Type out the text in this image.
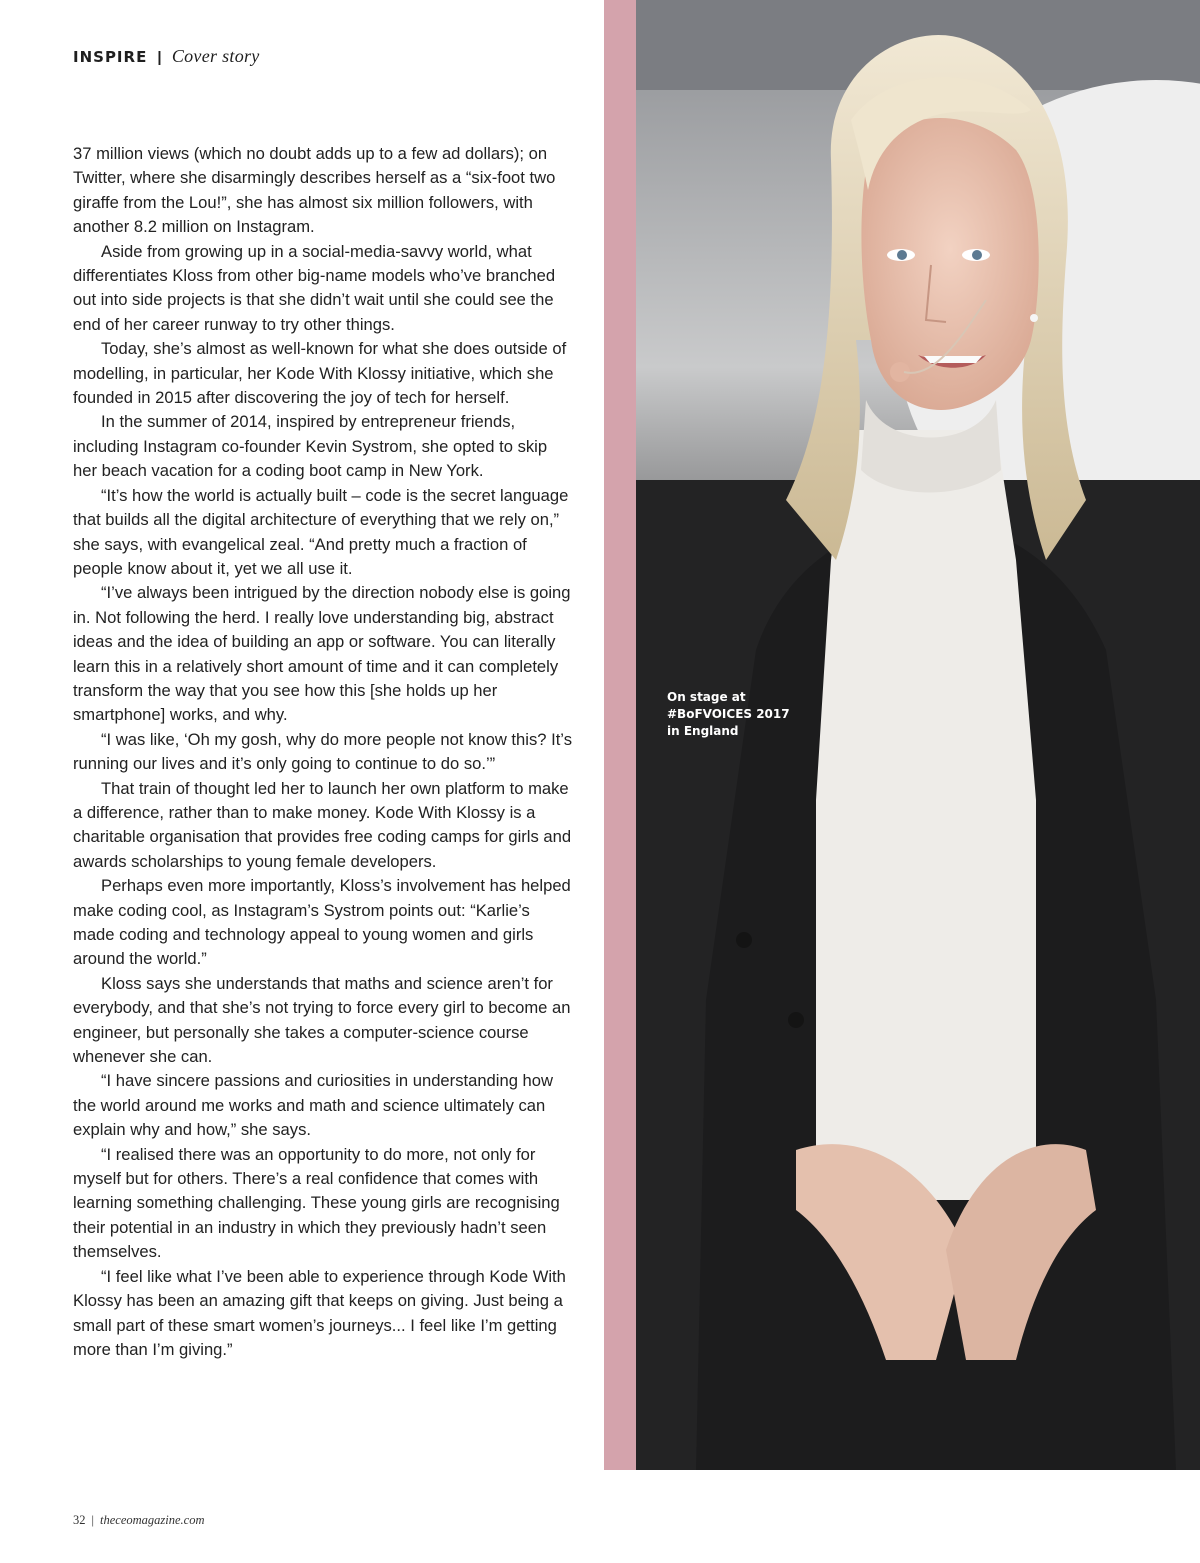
INSPIRE | Cover story

37 million views (which no doubt adds up to a few ad dollars); on Twitter, where she disarmingly describes herself as a “six-foot two giraffe from the Lou!”, she has almost six million followers, with another 8.2 million on Instagram.

Aside from growing up in a social-media-savvy world, what differentiates Kloss from other big-name models who’ve branched out into side projects is that she didn’t wait until she could see the end of her career runway to try other things.

Today, she’s almost as well-known for what she does outside of modelling, in particular, her Kode With Klossy initiative, which she founded in 2015 after discovering the joy of tech for herself.

In the summer of 2014, inspired by entrepreneur friends, including Instagram co-founder Kevin Systrom, she opted to skip her beach vacation for a coding boot camp in New York.

“It’s how the world is actually built – code is the secret language that builds all the digital architecture of everything that we rely on,” she says, with evangelical zeal. “And pretty much a fraction of people know about it, yet we all use it.

“I’ve always been intrigued by the direction nobody else is going in. Not following the herd. I really love understanding big, abstract ideas and the idea of building an app or software. You can literally learn this in a relatively short amount of time and it can completely transform the way that you see how this [she holds up her smartphone] works, and why.

“I was like, ‘Oh my gosh, why do more people not know this? It’s running our lives and it’s only going to continue to do so.’”

That train of thought led her to launch her own platform to make a difference, rather than to make money. Kode With Klossy is a charitable organisation that provides free coding camps for girls and awards scholarships to young female developers.

Perhaps even more importantly, Kloss’s involvement has helped make coding cool, as Instagram’s Systrom points out: “Karlie’s made coding and technology appeal to young women and girls around the world.”

Kloss says she understands that maths and science aren’t for everybody, and that she’s not trying to force every girl to become an engineer, but personally she takes a computer-science course whenever she can.

“I have sincere passions and curiosities in understanding how the world around me works and math and science ultimately can explain why and how,” she says.

“I realised there was an opportunity to do more, not only for myself but for others. There’s a real confidence that comes with learning something challenging. These young girls are recognising their potential in an industry in which they previously hadn’t seen themselves.

“I feel like what I’ve been able to experience through Kode With Klossy has been an amazing gift that keeps on giving. Just being a small part of these smart women’s journeys... I feel like I’m getting more than I’m giving.”

On stage at
#BoFVOICES 2017
in England
32 | theceomagazine.com
